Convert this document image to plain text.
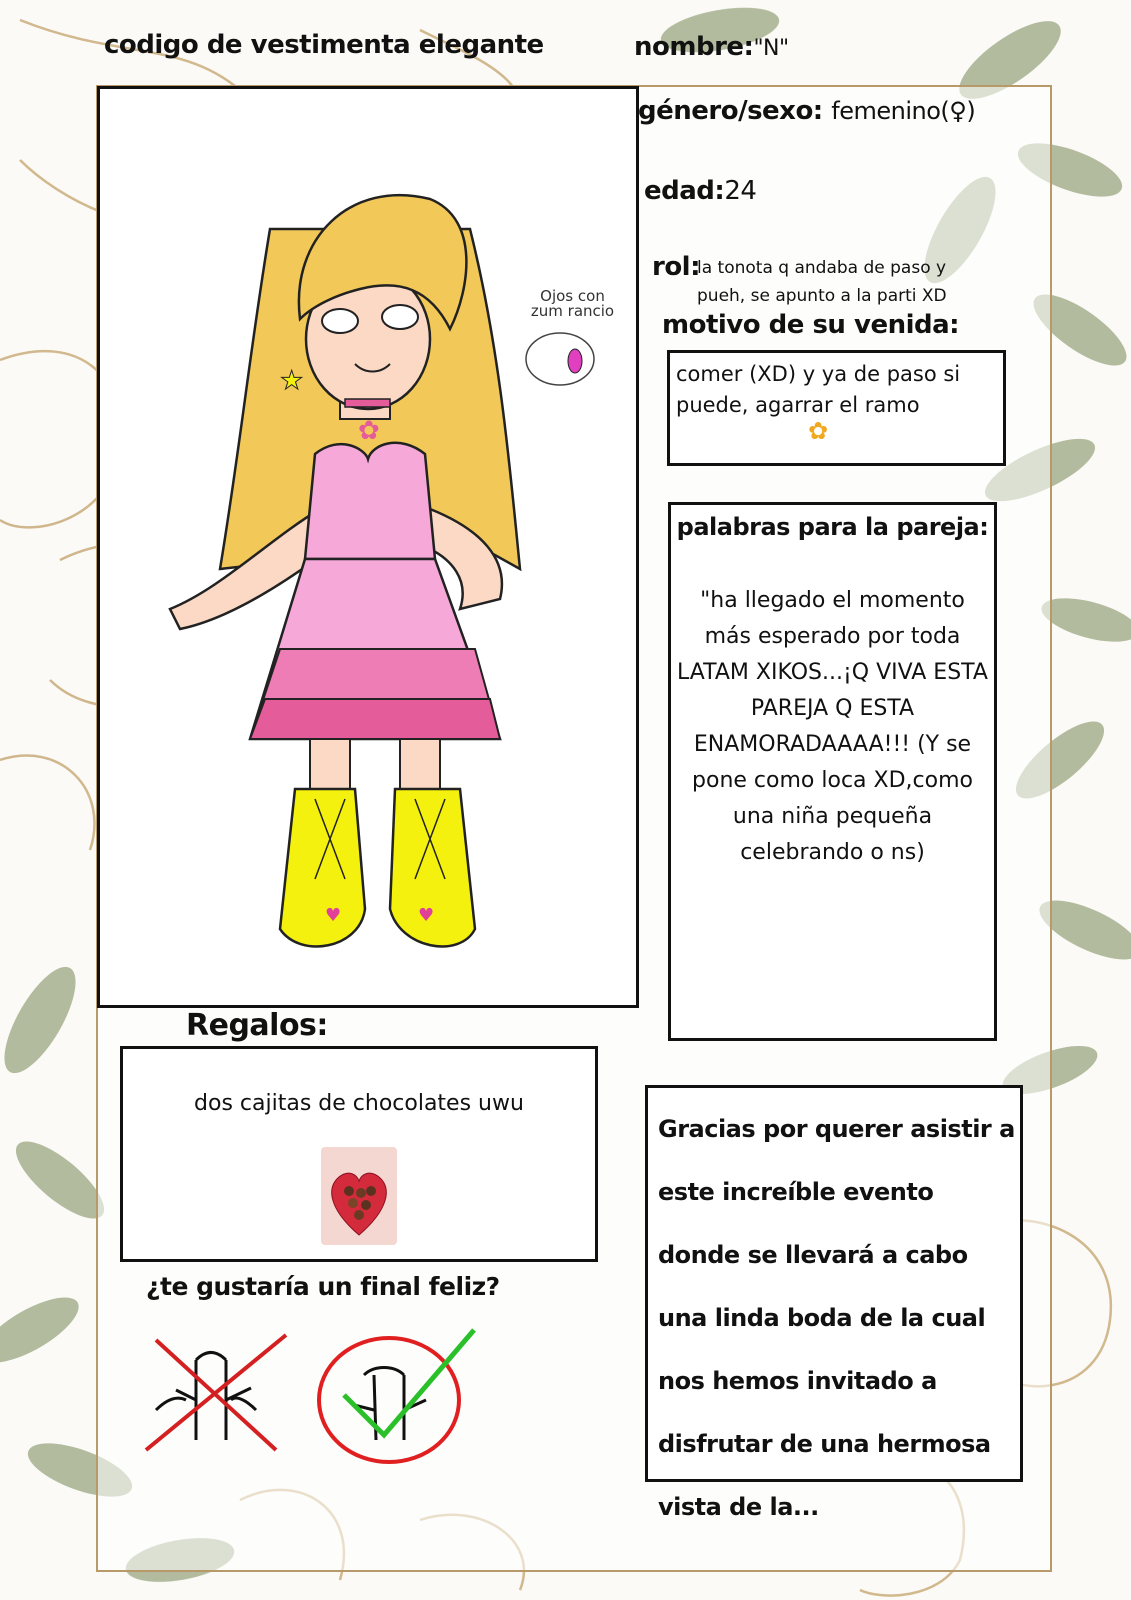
codigo de vestimenta elegante	nombre:"N"
♥	♥
✿
★
Ojos con zum rancio
género/sexo: femenino(♀)
edad:24
rol:
la tonota q andaba de paso y pueh, se apunto a la parti XD
motivo de su venida:
comer (XD) y ya de paso si puede, agarrar el ramo
✿
palabras para la pareja:
"ha llegado el momento más esperado por toda LATAM XIKOS...¡Q VIVA ESTA PAREJA Q ESTA ENAMORADAAAA!!! (Y se pone como loca XD,como una niña pequeña celebrando o ns)
Regalos:
dos cajitas de chocolates uwu
¿te gustaría un final feliz?
Gracias por querer asistir a este increíble evento donde se llevará a cabo una linda boda de la cual nos hemos invitado a disfrutar de una hermosa vista de la...
